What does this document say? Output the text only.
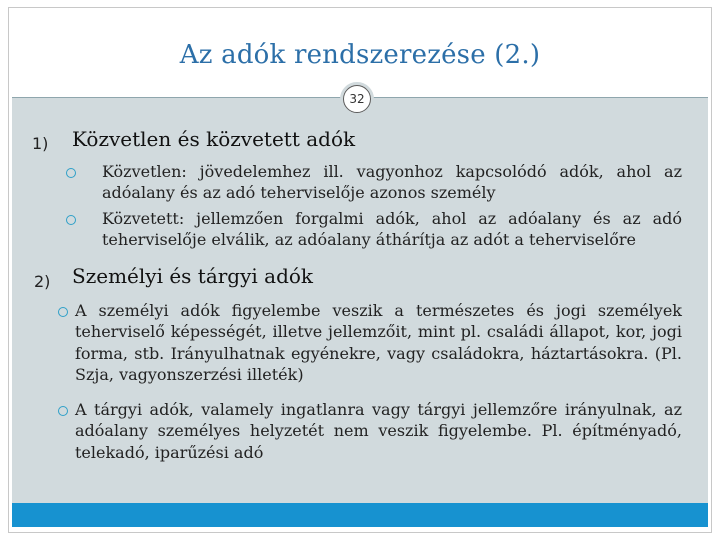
Az adók rendszerezése (2.)
32
1) Közvetlen és közvetett adók
Közvetlen: jövedelemhez ill. vagyonhoz kapcsolódó adók, ahol az adóalany és az adó teherviselője azonos személy
Közvetett: jellemzően forgalmi adók, ahol az adóalany és az adó teherviselője elválik, az adóalany áthárítja az adót a teherviselőre
2) Személyi és tárgyi adók
A személyi adók figyelembe veszik a természetes és jogi személyek teherviselő képességét, illetve jellemzőit, mint pl. családi állapot, kor, jogi forma, stb. Irányulhatnak egyénekre, vagy családokra, háztartásokra. (Pl. Szja, vagyonszerzési illeték)
A tárgyi adók, valamely ingatlanra vagy tárgyi jellemzőre irányulnak, az adóalany személyes helyzetét nem veszik figyelembe. Pl. építményadó, telekadó, iparűzési adó
